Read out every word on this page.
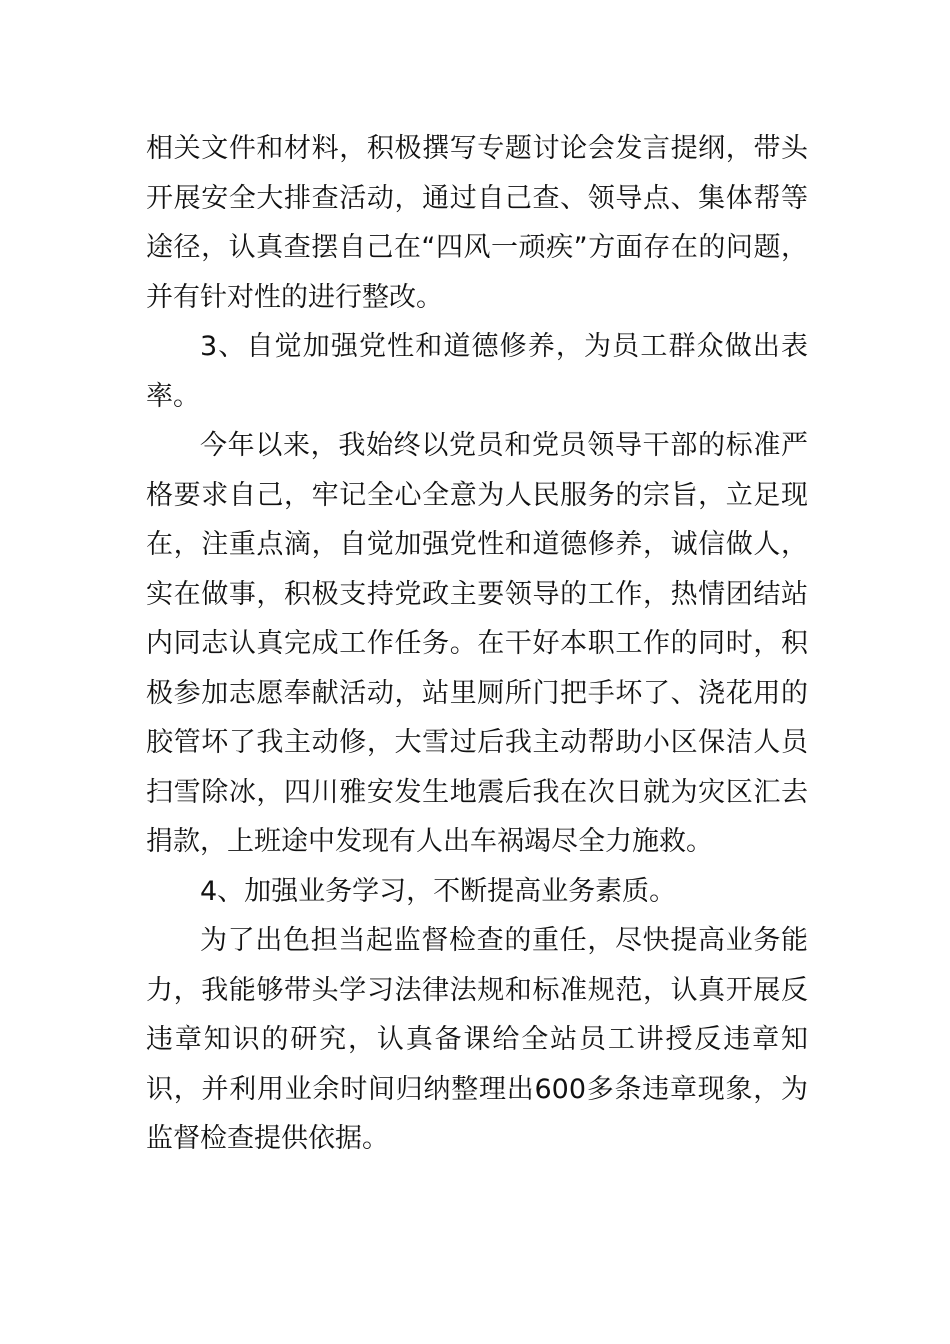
相关文件和材料，积极撰写专题讨论会发言提纲，带头开展安全大排查活动，通过自己查、领导点、集体帮等途径，认真查摆自己在“四风一顽疾”方面存在的问题，并有针对性的进行整改。

3、自觉加强党性和道德修养，为员工群众做出表率。

今年以来，我始终以党员和党员领导干部的标准严格要求自己，牢记全心全意为人民服务的宗旨，立足现在，注重点滴，自觉加强党性和道德修养，诚信做人，实在做事，积极支持党政主要领导的工作，热情团结站内同志认真完成工作任务。在干好本职工作的同时，积极参加志愿奉献活动，站里厕所门把手坏了、浇花用的胶管坏了我主动修，大雪过后我主动帮助小区保洁人员扫雪除冰，四川雅安发生地震后我在次日就为灾区汇去捐款，上班途中发现有人出车祸竭尽全力施救。

4、加强业务学习，不断提高业务素质。

为了出色担当起监督检查的重任，尽快提高业务能力，我能够带头学习法律法规和标准规范，认真开展反违章知识的研究，认真备课给全站员工讲授反违章知识，并利用业余时间归纳整理出600多条违章现象，为监督检查提供依据。
